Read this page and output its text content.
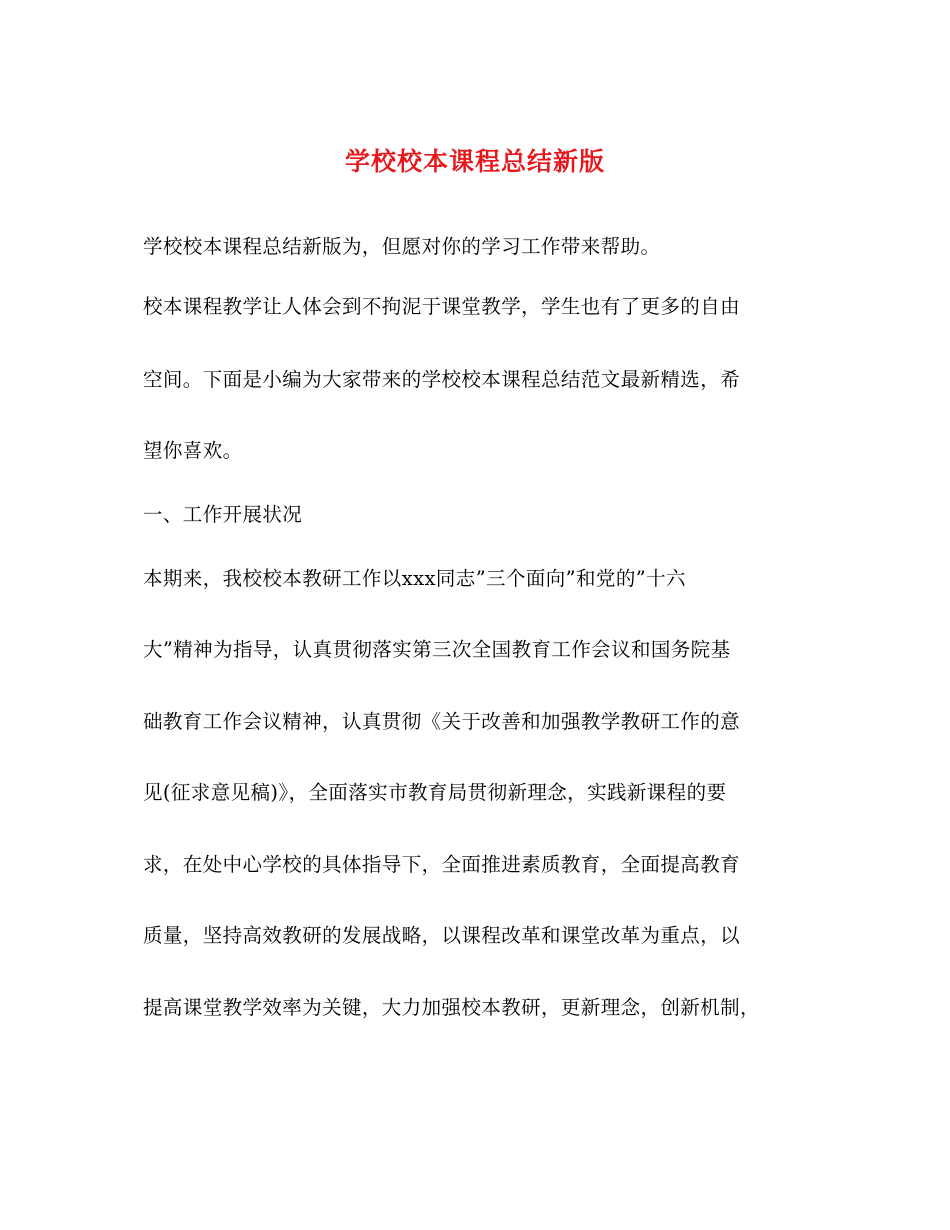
学校校本课程总结新版
学校校本课程总结新版为，但愿对你的学习工作带来帮助。
校本课程教学让人体会到不拘泥于课堂教学，学生也有了更多的自由
空间。下面是小编为大家带来的学校校本课程总结范文最新精选，希
望你喜欢。
一、工作开展状况
本期来，我校校本教研工作以xxx同志”三个面向”和党的”十六
大”精神为指导，认真贯彻落实第三次全国教育工作会议和国务院基
础教育工作会议精神，认真贯彻《关于改善和加强教学教研工作的意
见(征求意见稿)》，全面落实市教育局贯彻新理念，实践新课程的要
求，在处中心学校的具体指导下，全面推进素质教育，全面提高教育
质量，坚持高效教研的发展战略，以课程改革和课堂改革为重点，以
提高课堂教学效率为关键，大力加强校本教研，更新理念，创新机制，
